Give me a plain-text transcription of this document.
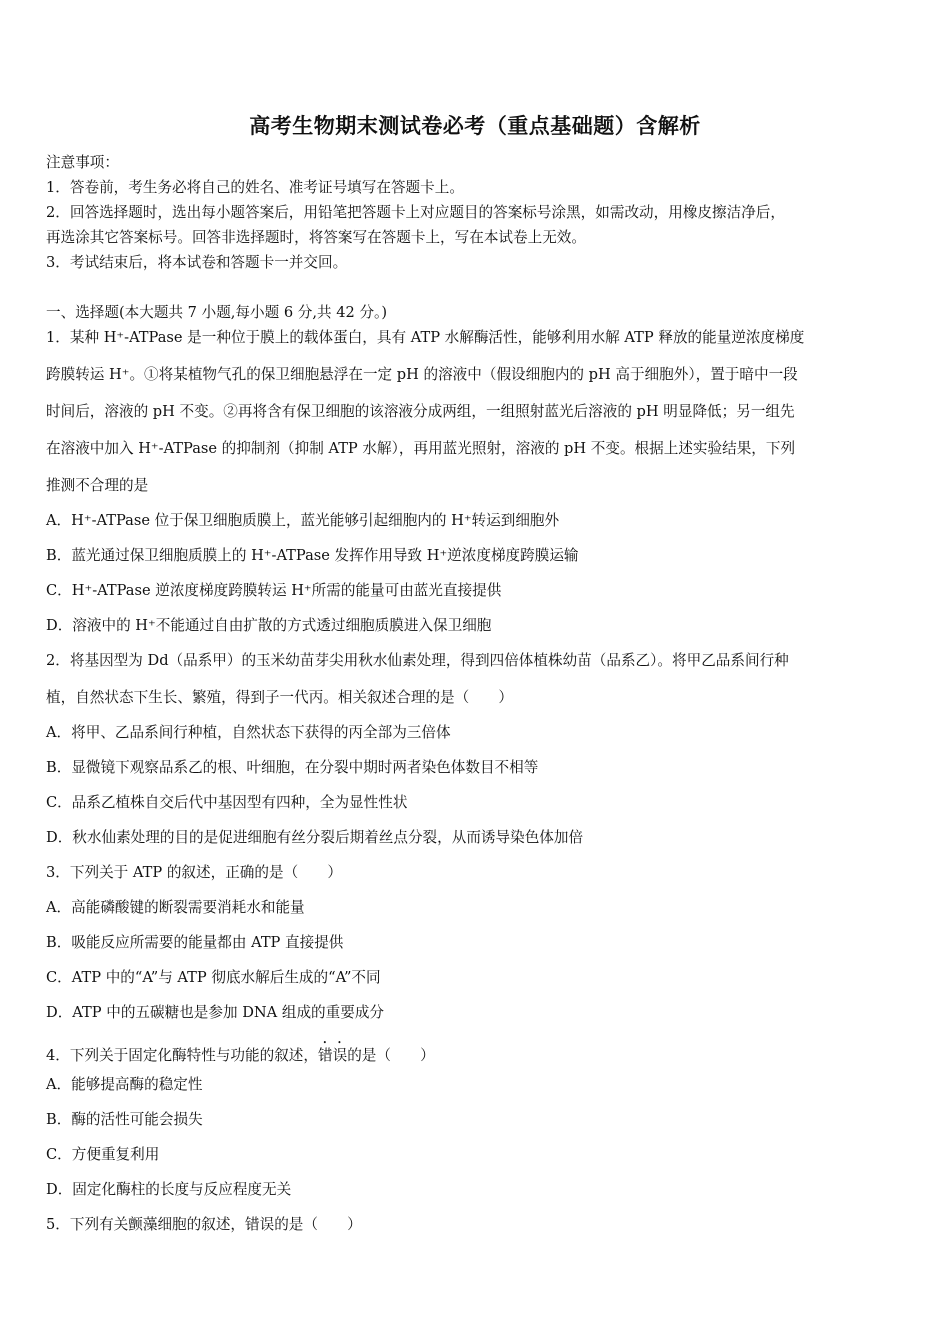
高考生物期末测试卷必考（重点基础题）含解析
注意事项：
1．答卷前，考生务必将自己的姓名、准考证号填写在答题卡上。
2．回答选择题时，选出每小题答案后，用铅笔把答题卡上对应题目的答案标号涂黑，如需改动，用橡皮擦洁净后，
再选涂其它答案标号。回答非选择题时，将答案写在答题卡上，写在本试卷上无效。
3．考试结束后，将本试卷和答题卡一并交回。
一、选择题(本大题共 7 小题,每小题 6 分,共 42 分。)
1．某种 H⁺-ATPase 是一种位于膜上的载体蛋白，具有 ATP 水解酶活性，能够利用水解 ATP 释放的能量逆浓度梯度
跨膜转运 H⁺。①将某植物气孔的保卫细胞悬浮在一定 pH 的溶液中（假设细胞内的 pH 高于细胞外），置于暗中一段
时间后，溶液的 pH 不变。②再将含有保卫细胞的该溶液分成两组，一组照射蓝光后溶液的 pH 明显降低；另一组先
在溶液中加入 H⁺-ATPase 的抑制剂（抑制 ATP 水解），再用蓝光照射，溶液的 pH 不变。根据上述实验结果，下列
推测不合理的是
A．H⁺-ATPase 位于保卫细胞质膜上，蓝光能够引起细胞内的 H⁺转运到细胞外
B．蓝光通过保卫细胞质膜上的 H⁺-ATPase 发挥作用导致 H⁺逆浓度梯度跨膜运输
C．H⁺-ATPase 逆浓度梯度跨膜转运 H⁺所需的能量可由蓝光直接提供
D．溶液中的 H⁺不能通过自由扩散的方式透过细胞质膜进入保卫细胞
2．将基因型为 Dd（品系甲）的玉米幼苗芽尖用秋水仙素处理，得到四倍体植株幼苗（品系乙）。将甲乙品系间行种
植，自然状态下生长、繁殖，得到子一代丙。相关叙述合理的是（　　）
A．将甲、乙品系间行种植，自然状态下获得的丙全部为三倍体
B．显微镜下观察品系乙的根、叶细胞，在分裂中期时两者染色体数目不相等
C．品系乙植株自交后代中基因型有四种，全为显性性状
D．秋水仙素处理的目的是促进细胞有丝分裂后期着丝点分裂，从而诱导染色体加倍
3．下列关于 ATP 的叙述，正确的是（　　）
A．高能磷酸键的断裂需要消耗水和能量
B．吸能反应所需要的能量都由 ATP 直接提供
C．ATP 中的“A”与 ATP 彻底水解后生成的“A”不同
D．ATP 中的五碳糖也是参加 DNA 组成的重要成分
4．下列关于固定化酶特性与功能的叙述，错误的是（　　）
A．能够提高酶的稳定性
B．酶的活性可能会损失
C．方便重复利用
D．固定化酶柱的长度与反应程度无关
5．下列有关颤藻细胞的叙述，错误的是（　　）
